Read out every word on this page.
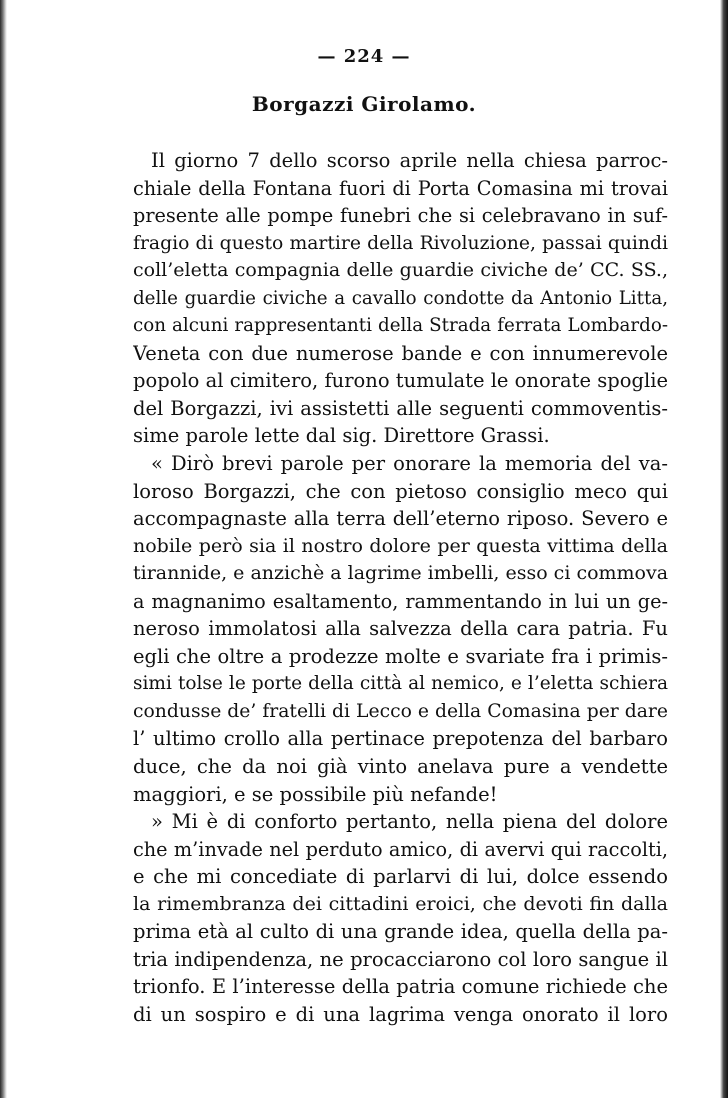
— 224 —
Borgazzi Girolamo.
Il giorno 7 dello scorso aprile nella chiesa parroc-
chiale della Fontana fuori di Porta Comasina mi trovai
presente alle pompe funebri che si celebravano in suf-
fragio di questo martire della Rivoluzione, passai quindi
coll’eletta compagnia delle guardie civiche de’ CC. SS.,
delle guardie civiche a cavallo condotte da Antonio Litta,
con alcuni rappresentanti della Strada ferrata Lombardo-
Veneta con due numerose bande e con innumerevole
popolo al cimitero, furono tumulate le onorate spoglie
del Borgazzi, ivi assistetti alle seguenti commoventis-
sime parole lette dal sig. Direttore Grassi.
« Dirò brevi parole per onorare la memoria del va-
loroso Borgazzi, che con pietoso consiglio meco qui
accompagnaste alla terra dell’eterno riposo. Severo e
nobile però sia il nostro dolore per questa vittima della
tirannide, e anzichè a lagrime imbelli, esso ci commova
a magnanimo esaltamento, rammentando in lui un ge-
neroso immolatosi alla salvezza della cara patria. Fu
egli che oltre a prodezze molte e svariate fra i primis-
simi tolse le porte della città al nemico, e l’eletta schiera
condusse de’ fratelli di Lecco e della Comasina per dare
l’ ultimo crollo alla pertinace prepotenza del barbaro
duce, che da noi già vinto anelava pure a vendette
maggiori, e se possibile più nefande!
» Mi è di conforto pertanto, nella piena del dolore
che m’invade nel perduto amico, di avervi qui raccolti,
e che mi concediate di parlarvi di lui, dolce essendo
la rimembranza dei cittadini eroici, che devoti fin dalla
prima età al culto di una grande idea, quella della pa-
tria indipendenza, ne procacciarono col loro sangue il
trionfo. E l’interesse della patria comune richiede che
di un sospiro e di una lagrima venga onorato il loro
